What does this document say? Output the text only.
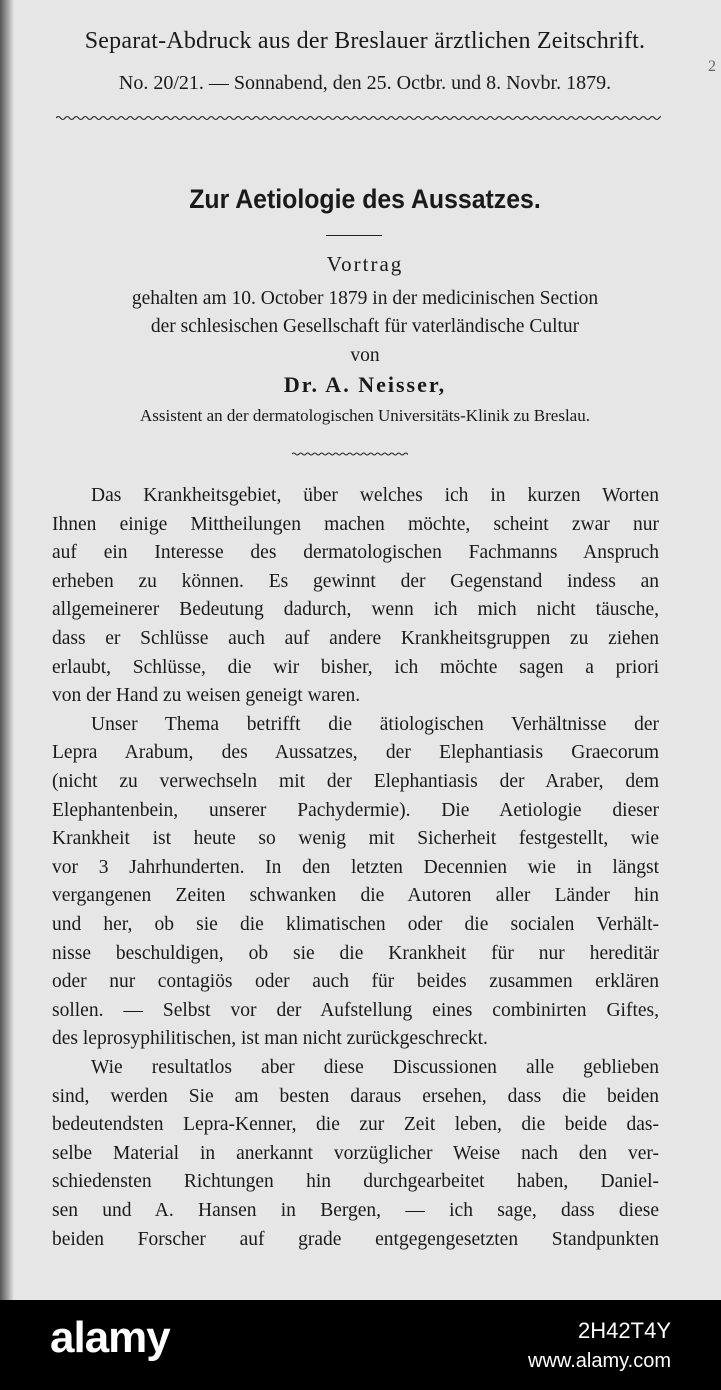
Separat-Abdruck aus der Breslauer ärztlichen Zeitschrift.
No. 20/21. — Sonnabend, den 25. Octbr. und 8. Novbr. 1879.
2
Zur Aetiologie des Aussatzes.
Vortrag
gehalten am 10. October 1879 in der medicinischen Section
der schlesischen Gesellschaft für vaterländische Cultur
von
Dr. A. Neisser,
Assistent an der dermatologischen Universitäts-Klinik zu Breslau.
Das Krankheitsgebiet, über welches ich in kurzen Worten
Ihnen einige Mittheilungen machen möchte, scheint zwar nur
auf ein Interesse des dermatologischen Fachmanns Anspruch
erheben zu können. Es gewinnt der Gegenstand indess an
allgemeinerer Bedeutung dadurch, wenn ich mich nicht täusche,
dass er Schlüsse auch auf andere Krankheitsgruppen zu ziehen
erlaubt, Schlüsse, die wir bisher, ich möchte sagen a priori
von der Hand zu weisen geneigt waren.
Unser Thema betrifft die ätiologischen Verhältnisse der
Lepra Arabum, des Aussatzes, der Elephantiasis Graecorum
(nicht zu verwechseln mit der Elephantiasis der Araber, dem
Elephantenbein, unserer Pachydermie). Die Aetiologie dieser
Krankheit ist heute so wenig mit Sicherheit festgestellt, wie
vor 3 Jahrhunderten. In den letzten Decennien wie in längst
vergangenen Zeiten schwanken die Autoren aller Länder hin
und her, ob sie die klimatischen oder die socialen Verhält-
nisse beschuldigen, ob sie die Krankheit für nur hereditär
oder nur contagiös oder auch für beides zusammen erklären
sollen. — Selbst vor der Aufstellung eines combinirten Giftes,
des leprosyphilitischen, ist man nicht zurückgeschreckt.
Wie resultatlos aber diese Discussionen alle geblieben
sind, werden Sie am besten daraus ersehen, dass die beiden
bedeutendsten Lepra-Kenner, die zur Zeit leben, die beide das-
selbe Material in anerkannt vorzüglicher Weise nach den ver-
schiedensten Richtungen hin durchgearbeitet haben, Daniel-
sen und A. Hansen in Bergen, — ich sage, dass diese
beiden Forscher auf grade entgegengesetzten Standpunkten
alamy	2H42T4Y
www.alamy.com
